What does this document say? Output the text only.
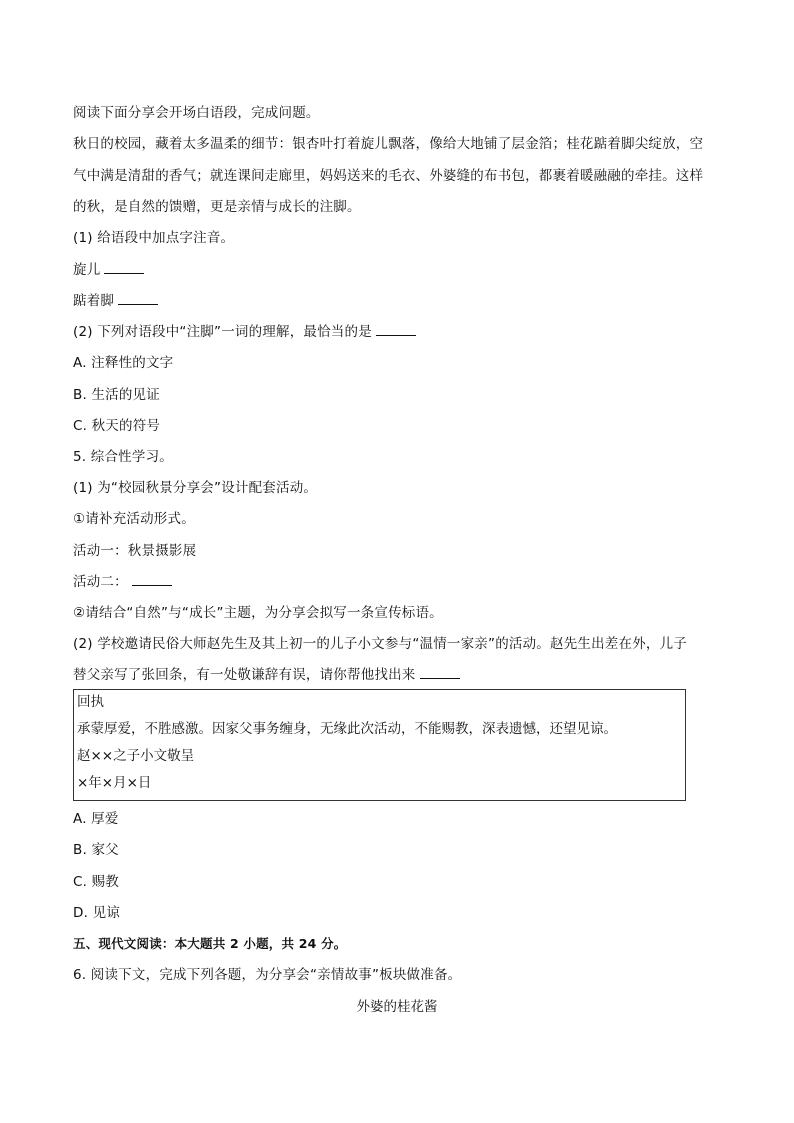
阅读下面分享会开场白语段，完成问题。
秋日的校园，藏着太多温柔的细节：银杏叶打着旋儿飘落，像给大地铺了层金箔；桂花踮着脚尖绽放，空
气中满是清甜的香气；就连课间走廊里，妈妈送来的毛衣、外婆缝的布书包，都裹着暖融融的牵挂。这样
的秋，是自然的馈赠，更是亲情与成长的注脚。
(1) 给语段中加点字注音。
旋儿
踮着脚
(2) 下列对语段中“注脚”一词的理解，最恰当的是
A. 注释性的文字
B. 生活的见证
C. 秋天的符号
5. 综合性学习。
(1) 为“校园秋景分享会”设计配套活动。
①请补充活动形式。
活动一：秋景摄影展
活动二：
②请结合“自然”与“成长”主题，为分享会拟写一条宣传标语。
(2) 学校邀请民俗大师赵先生及其上初一的儿子小文参与“温情一家亲”的活动。赵先生出差在外，儿子
替父亲写了张回条，有一处敬谦辞有误，请你帮他找出来
回执
承蒙厚爱，不胜感激。因家父事务缠身，无缘此次活动，不能赐教，深表遗憾，还望见谅。
赵××之子小文敬呈
×年×月×日
A. 厚爱
B. 家父
C. 赐教
D. 见谅
五、现代文阅读：本大题共 2 小题，共 24 分。
6. 阅读下文，完成下列各题，为分享会“亲情故事”板块做准备。
外婆的桂花酱
